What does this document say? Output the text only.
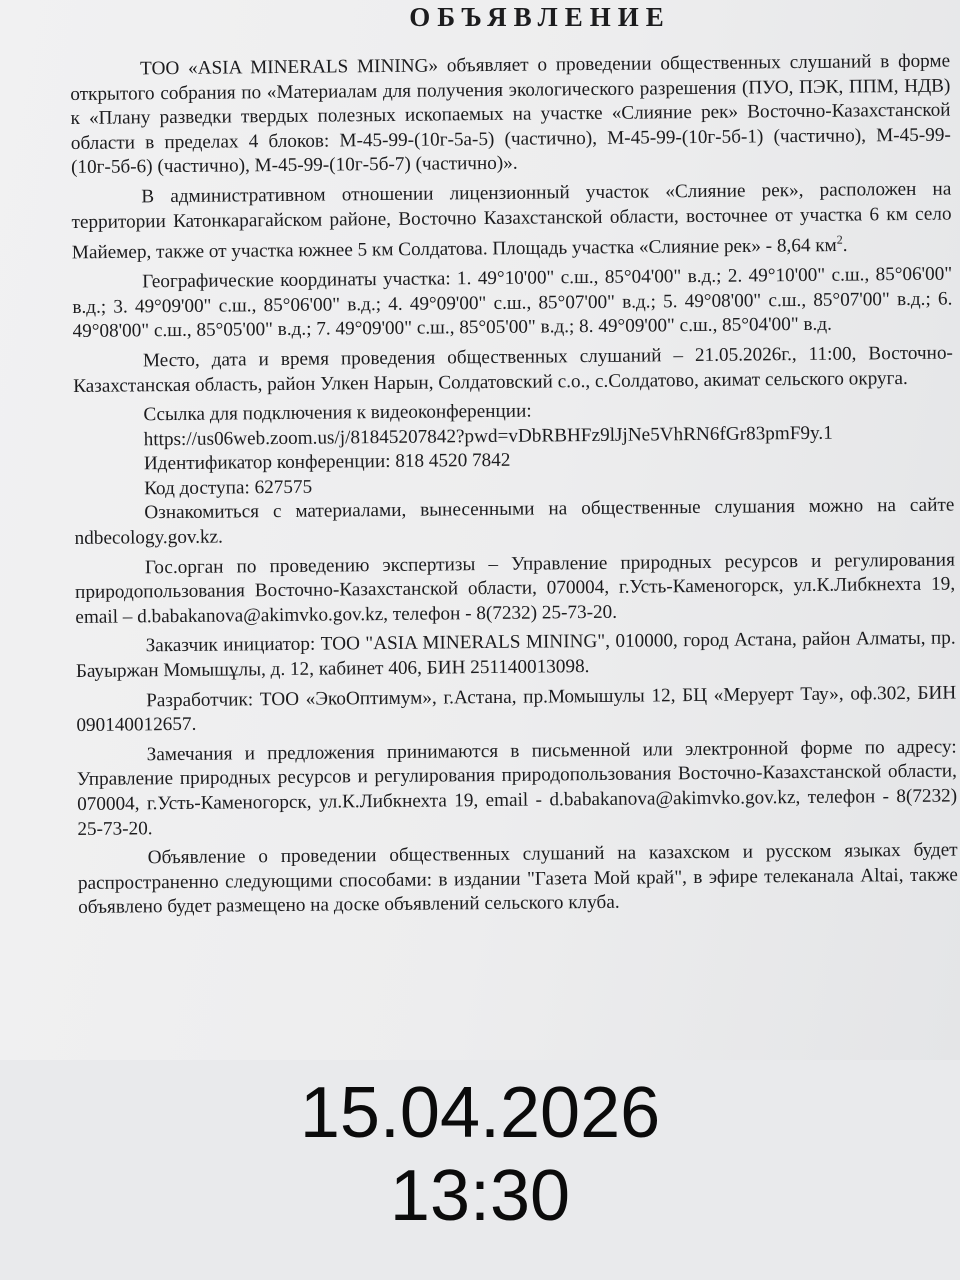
ОБЪЯВЛЕНИЕ

ТОО «ASIA MINERALS MINING» объявляет о проведении общественных слушаний в форме открытого собрания по «Материалам для получения экологического разрешения (ПУО, ПЭК, ППМ, НДВ) к «Плану разведки твердых полезных ископаемых на участке «Слияние рек» Восточно-Казахстанской области в пределах 4 блоков: М-45-99-(10г-5а-5) (частично), М-45-99-(10г-5б-1) (частично), М-45-99-(10г-5б-6) (частично), М-45-99-(10г-5б-7) (частично)».

В административном отношении лицензионный участок «Слияние рек», расположен на территории Катонкарагайском районе, Восточно Казахстанской области, восточнее от участка 6 км село Майемер, также от участка южнее 5 км Солдатова. Площадь участка «Слияние рек» - 8,64 $км^2$.

Географические координаты участка: 1. 49°10'00" с.ш., 85°04'00" в.д.; 2. 49°10'00" с.ш., 85°06'00" в.д.; 3. 49°09'00" с.ш., 85°06'00" в.д.; 4. 49°09'00" с.ш., 85°07'00" в.д.; 5. 49°08'00" с.ш., 85°07'00" в.д.; 6. 49°08'00" с.ш., 85°05'00" в.д.; 7. 49°09'00" с.ш., 85°05'00" в.д.; 8. 49°09'00" с.ш., 85°04'00" в.д.

Место, дата и время проведения общественных слушаний – 21.05.2026г., 11:00, Восточно-Казахстанская область, район Улкен Нарын, Солдатовский с.о., с.Солдатово, акимат сельского округа.

Ссылка для подключения к видеоконференции:
https://us06web.zoom.us/j/81845207842?pwd=vDbRBHFz9lJjNe5VhRN6fGr83pmF9y.1
Идентификатор конференции: 818 4520 7842
Код доступа: 627575

Ознакомиться с материалами, вынесенными на общественные слушания можно на сайте ndbecology.gov.kz.

Гос.орган по проведению экспертизы – Управление природных ресурсов и регулирования природопользования Восточно-Казахстанской области, 070004, г.Усть-Каменогорск, ул.К.Либкнехта 19, email – d.babakanova@akimvko.gov.kz, телефон - 8(7232) 25-73-20.

Заказчик инициатор: ТОО "ASIA MINERALS MINING", 010000, город Астана, район Алматы, пр. Бауыржан Момышұлы, д. 12, кабинет 406, БИН 251140013098.

Разработчик: ТОО «ЭкоОптимум», г.Астана, пр.Момышулы 12, БЦ «Меруерт Тау», оф.302, БИН 090140012657.

Замечания и предложения принимаются в письменной или электронной форме по адресу: Управление природных ресурсов и регулирования природопользования Восточно-Казахстанской области, 070004, г.Усть-Каменогорск, ул.К.Либкнехта 19, email - d.babakanova@akimvko.gov.kz, телефон - 8(7232) 25-73-20.

Объявление о проведении общественных слушаний на казахском и русском языках будет распространенно следующими способами: в издании "Газета Мой край", в эфире телеканала Altai, также объявлено будет размещено на доске объявлений сельского клуба.

15.04.2026
13:30
